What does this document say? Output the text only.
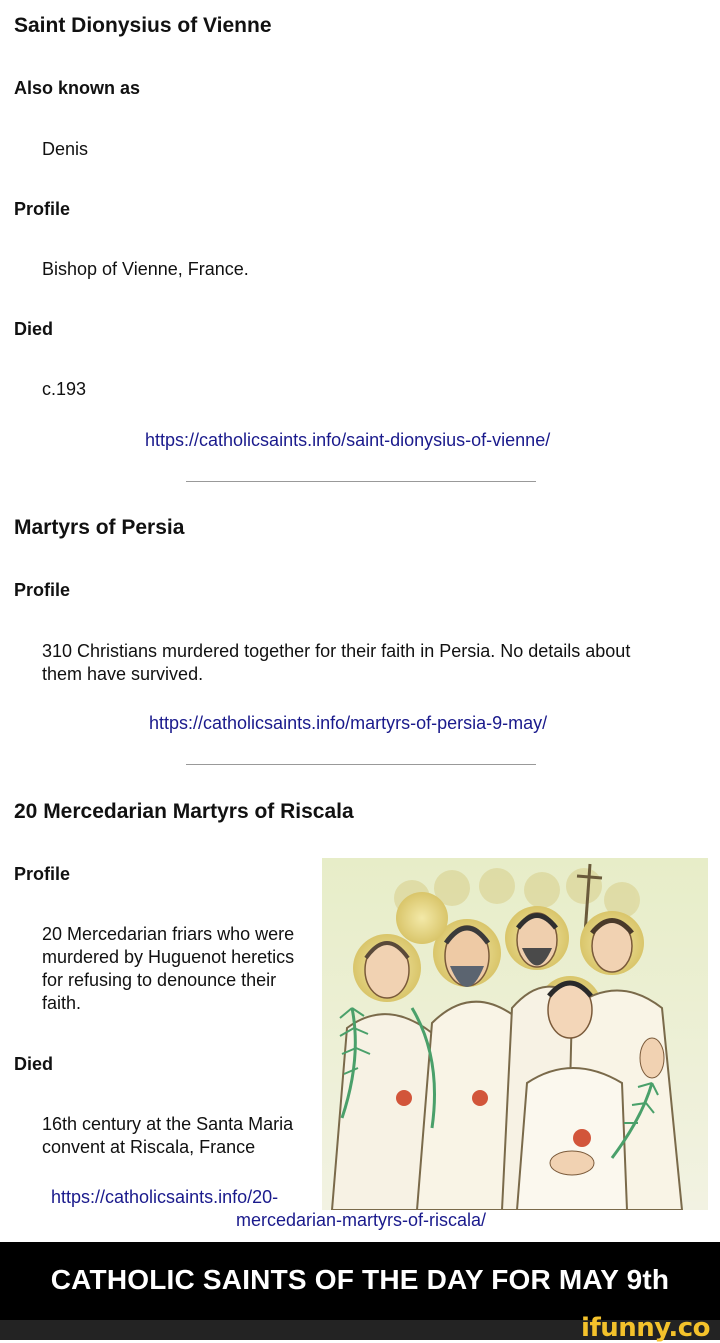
Saint Dionysius of Vienne
Also known as
Denis
Profile
Bishop of Vienne, France.
Died
c.193
https://catholicsaints.info/saint-dionysius-of-vienne/
Martyrs of Persia
Profile
310 Christians murdered together for their faith in Persia. No details about
them have survived.
https://catholicsaints.info/martyrs-of-persia-9-may/
20 Mercedarian Martyrs of Riscala
Profile
20 Mercedarian friars who were
murdered by Huguenot heretics
for refusing to denounce their
faith.
Died
16th century at the Santa Maria
convent at Riscala, France
https://catholicsaints.info/20-
mercedarian-martyrs-of-riscala/
CATHOLIC SAINTS OF THE DAY FOR MAY 9th
ifunny.co
